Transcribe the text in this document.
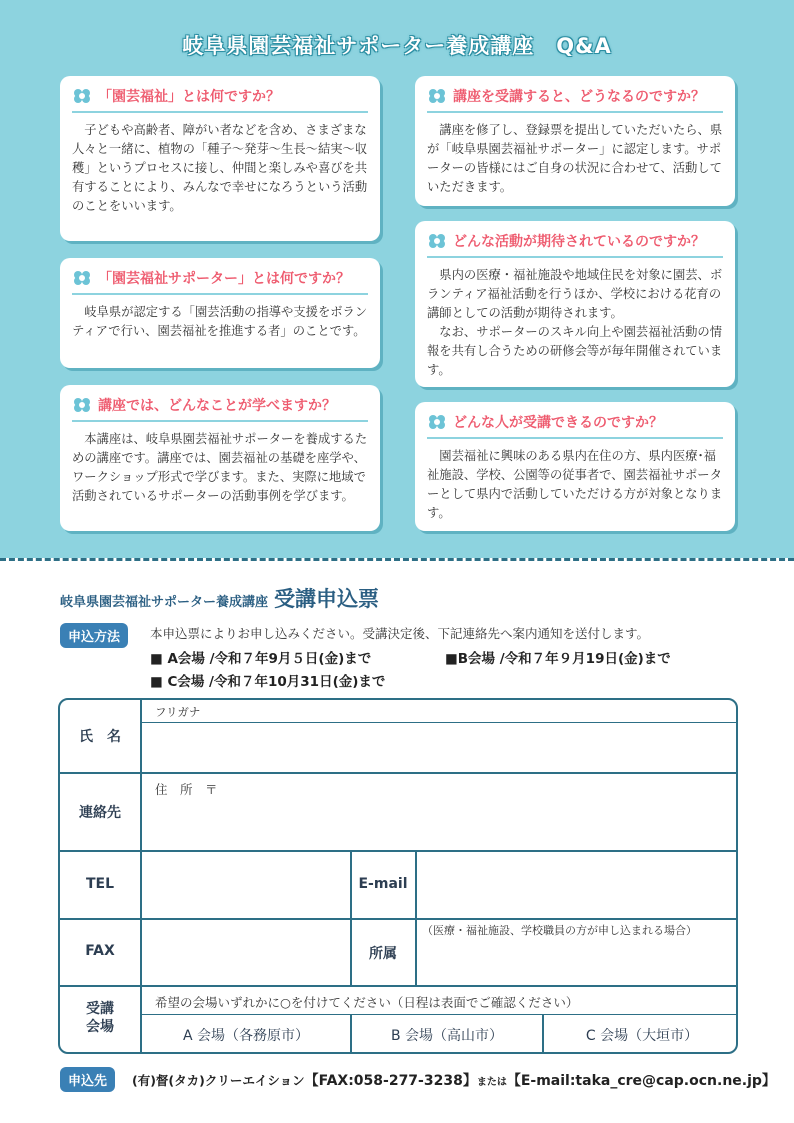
岐阜県園芸福祉サポーター養成講座　Q&A
「園芸福祉」とは何ですか？

子どもや高齢者、障がい者などを含め、さまざまな人々と一緒に、植物の「種子～発芽～生長～結実～収穫」というプロセスに接し、仲間と楽しみや喜びを共有することにより、みんなで幸せになろうという活動のことをいいます。

「園芸福祉サポーター」とは何ですか？

岐阜県が認定する「園芸活動の指導や支援をボランティアで行い、園芸福祉を推進する者」のことです。

講座では、どんなことが学べますか？

本講座は、岐阜県園芸福祉サポーターを養成するための講座です。講座では、園芸福祉の基礎を座学や、ワークショップ形式で学びます。また、実際に地域で活動されているサポーターの活動事例を学びます。

講座を受講すると、どうなるのですか？

講座を修了し、登録票を提出していただいたら、県が「岐阜県園芸福祉サポーター」に認定します。サポーターの皆様にはご自身の状況に合わせて、活動していただきます。

どんな活動が期待されているのですか？

県内の医療・福祉施設や地域住民を対象に園芸、ボランティア福祉活動を行うほか、学校における花育の講師としての活動が期待されます。

なお、サポーターのスキル向上や園芸福祉活動の情報を共有し合うための研修会等が毎年開催されています。

どんな人が受講できるのですか？

園芸福祉に興味のある県内在住の方、県内医療･福祉施設、学校、公園等の従事者で、園芸福祉サポーターとして県内で活動していただける方が対象となります。

岐阜県園芸福祉サポーター養成講座 受講申込票
申込方法	本申込票によりお申し込みください。受講決定後、下記連絡先へ案内通知を送付します。
■ A会場 /令和７年9月５日(金)まで	■B会場 /令和７年９月19日(金)まで
■ C会場 /令和７年10月31日(金)まで
氏　名
フリガナ
連絡先
住　所　〒
TEL	E-mail
FAX	所属
（医療・福祉施設、学校職員の方が申し込まれる場合）
受講
会場
希望の会場いずれかに○を付けてください（日程は表面でご確認ください）
A 会場（各務原市）	B 会場（高山市）	C 会場（大垣市）
申込先	(有)督(タカ)クリーエイション【FAX:058-277-3238】または【E-mail:taka_cre@cap.ocn.ne.jp】
